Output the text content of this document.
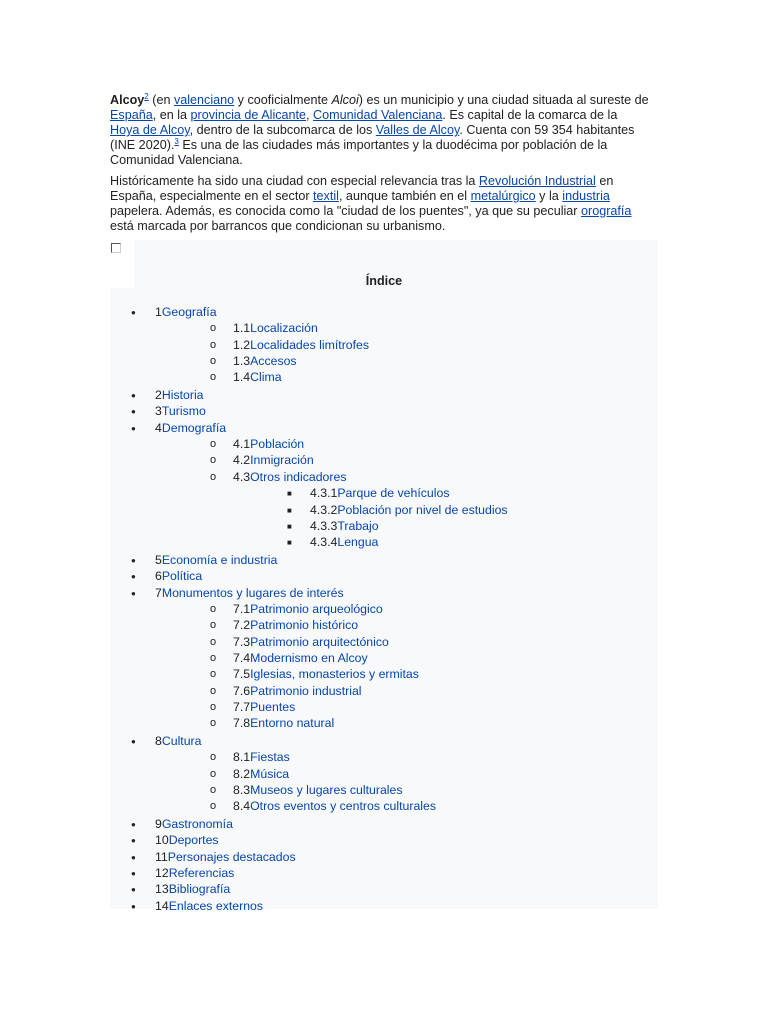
Alcoy$^2$ (en valenciano y cooficialmente Alcoi) es un municipio y una ciudad situada al sureste de España, en la provincia de Alicante, Comunidad Valenciana. Es capital de la comarca de la Hoya de Alcoy, dentro de la subcomarca de los Valles de Alcoy. Cuenta con 59 354 habitantes (INE 2020).$^3$ Es una de las ciudades más importantes y la duodécima por población de la Comunidad Valenciana.

Históricamente ha sido una ciudad con especial relevancia tras la Revolución Industrial en España, especialmente en el sector textil, aunque también en el metalúrgico y la industria papelera. Además, es conocida como la "ciudad de los puentes", ya que su peculiar orografía está marcada por barrancos que condicionan su urbanismo.

Índice
● 1Geografía
o 1.1Localización
o 1.2Localidades limítrofes
o 1.3Accesos
o 1.4Clima
● 2Historia
● 3Turismo
● 4Demografía
o 4.1Población
o 4.2Inmigración
o 4.3Otros indicadores
■ 4.3.1Parque de vehículos
■ 4.3.2Población por nivel de estudios
■ 4.3.3Trabajo
■ 4.3.4Lengua
● 5Economía e industria
● 6Política
● 7Monumentos y lugares de interés
o 7.1Patrimonio arqueológico
o 7.2Patrimonio histórico
o 7.3Patrimonio arquitectónico
o 7.4Modernismo en Alcoy
o 7.5Iglesias, monasterios y ermitas
o 7.6Patrimonio industrial
o 7.7Puentes
o 7.8Entorno natural
● 8Cultura
o 8.1Fiestas
o 8.2Música
o 8.3Museos y lugares culturales
o 8.4Otros eventos y centros culturales
● 9Gastronomía
● 10Deportes
● 11Personajes destacados
● 12Referencias
● 13Bibliografía
● 14Enlaces externos
